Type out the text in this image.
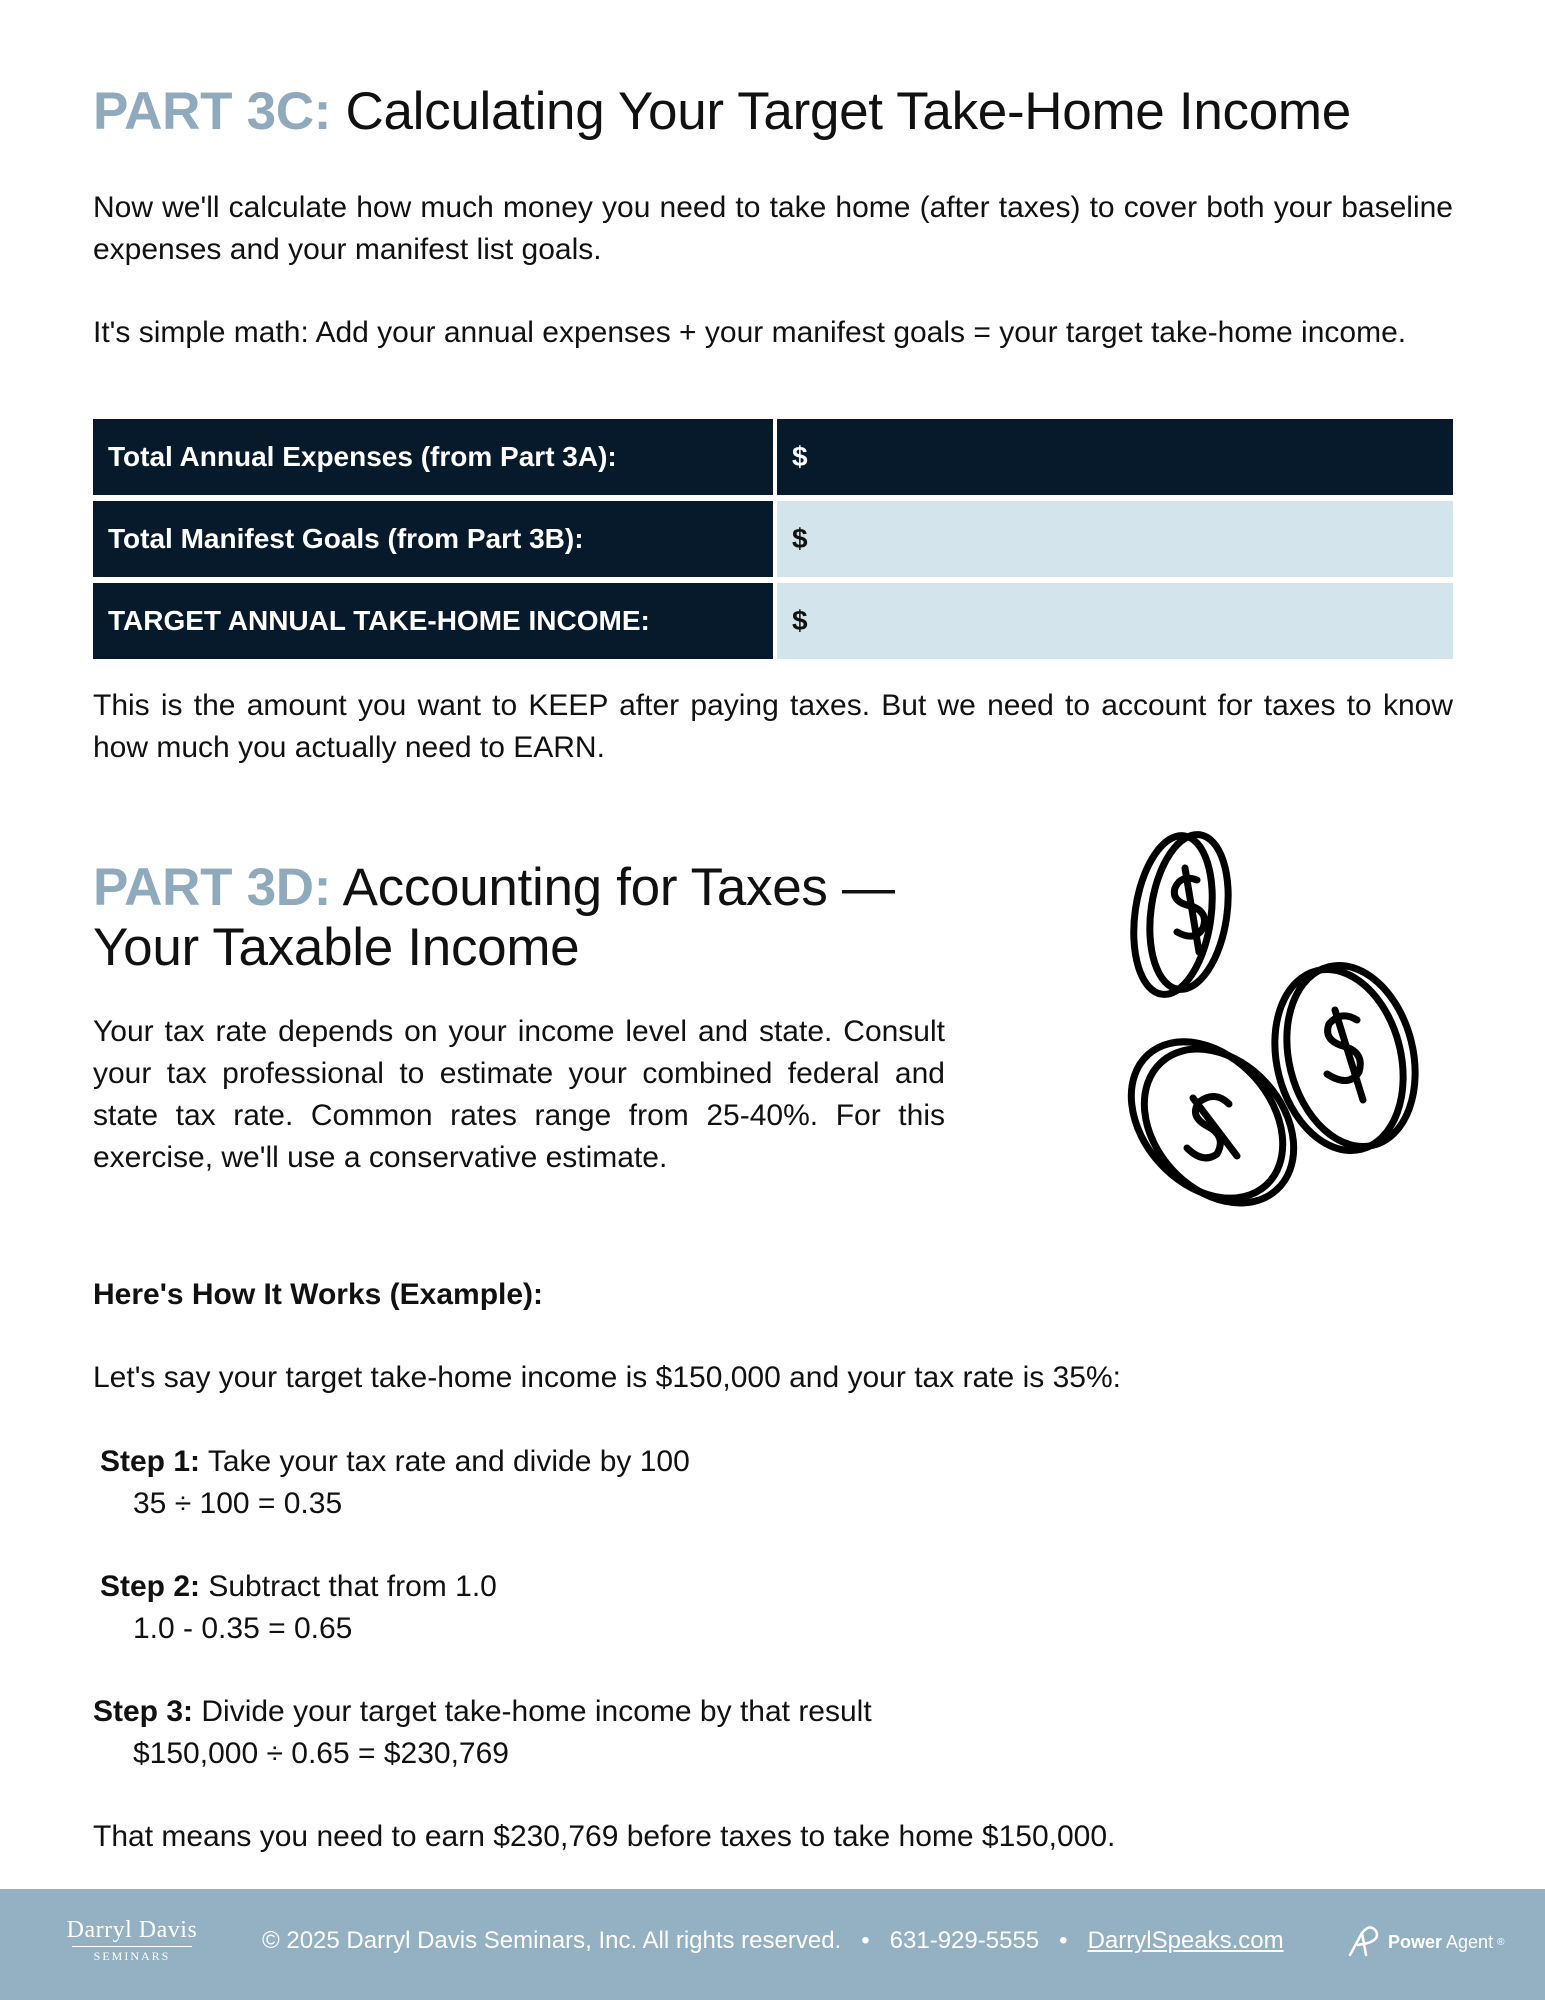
PART 3C: Calculating Your Target Take-Home Income

Now we'll calculate how much money you need to take home (after taxes) to cover both your baseline expenses and your manifest list goals.

It's simple math: Add your annual expenses + your manifest goals = your target take-home income.

Total Annual Expenses (from Part 3A):	$
Total Manifest Goals (from Part 3B):	$
TARGET ANNUAL TAKE-HOME INCOME:	$

This is the amount you want to KEEP after paying taxes. But we need to account for taxes to know how much you actually need to EARN.

PART 3D: Accounting for Taxes —
Your Taxable Income

Your tax rate depends on your income level and state. Consult your tax professional to estimate your combined federal and state tax rate. Common rates range from 25-40%. For this exercise, we'll use a conservative estimate.

Here's How It Works (Example):

Let's say your target take-home income is $150,000 and your tax rate is 35%:

Step 1: Take your tax rate and divide by 100

35 ÷ 100 = 0.35

Step 2: Subtract that from 1.0

1.0 - 0.35 = 0.65

Step 3: Divide your target take-home income by that result

$150,000 ÷ 0.65 = $230,769

That means you need to earn $230,769 before taxes to take home $150,000.

Darryl Davis
SEMINARS
© 2025 Darryl Davis Seminars, Inc. All rights reserved. • 631-929-5555 • DarrylSpeaks.com	Power Agent ®
